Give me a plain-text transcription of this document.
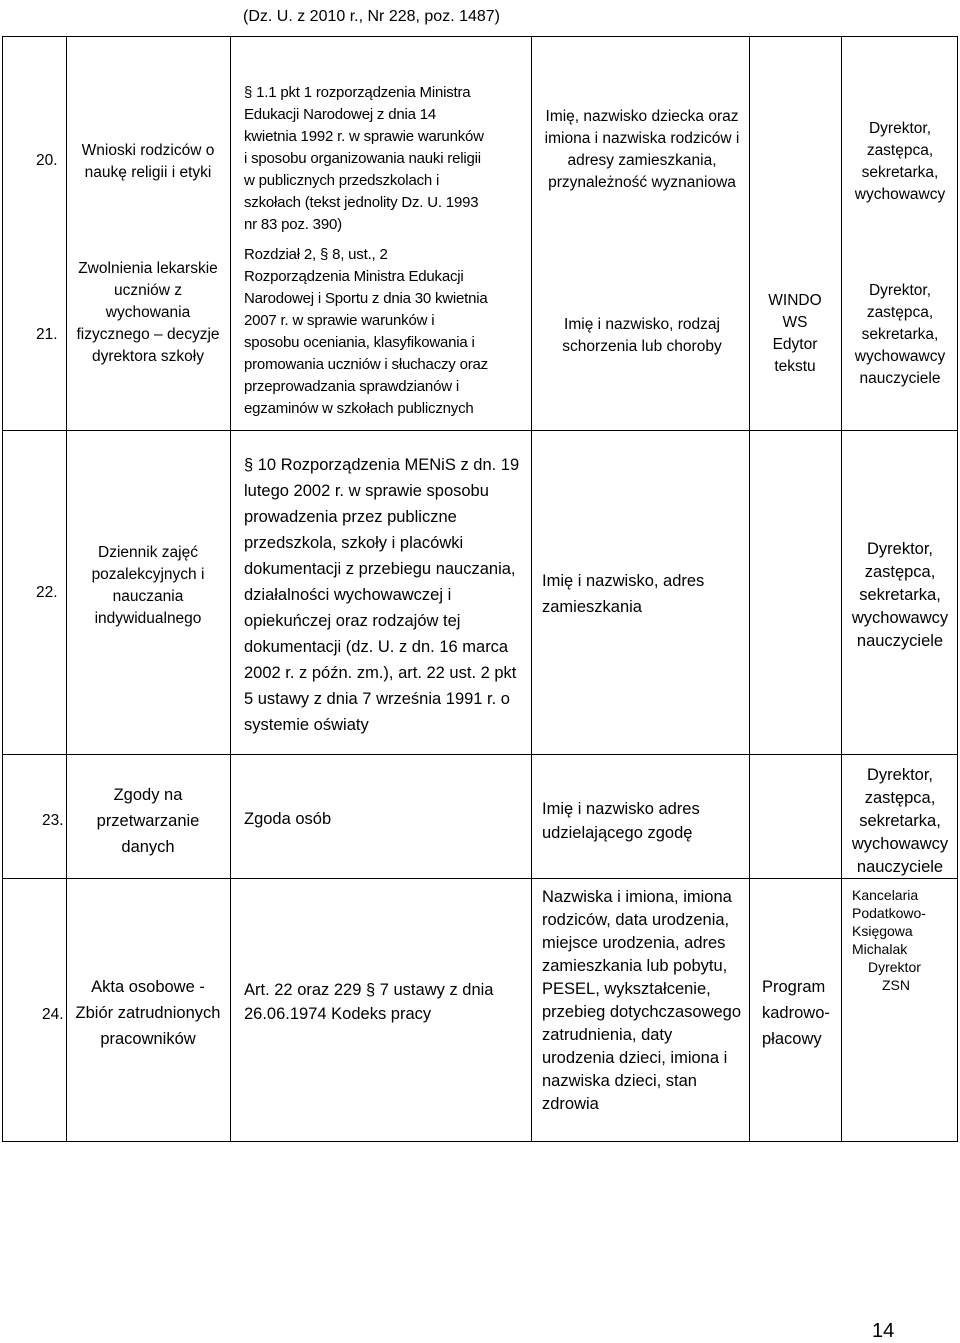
(Dz. U. z 2010 r., Nr 228, poz. 1487)
20.
Wnioski rodziców o naukę religii i etyki
§ 1.1 pkt 1 rozporządzenia Ministra
Edukacji Narodowej z dnia 14
kwietnia 1992 r. w sprawie warunków
i sposobu organizowania nauki religii
w publicznych przedszkolach i
szkołach (tekst jednolity Dz. U. 1993
nr 83 poz. 390)
Imię, nazwisko dziecka oraz imiona i nazwiska rodziców i adresy zamieszkania, przynależność wyznaniowa
Dyrektor, zastępca, sekretarka, wychowawcy
21.
Zwolnienia lekarskie uczniów z wychowania fizycznego – decyzje dyrektora szkoły
Rozdział 2, § 8, ust., 2
Rozporządzenia Ministra Edukacji
Narodowej i Sportu z dnia 30 kwietnia
2007 r. w sprawie warunków i
sposobu oceniania, klasyfikowania i
promowania uczniów i słuchaczy oraz
przeprowadzania sprawdzianów i
egzaminów w szkołach publicznych
Imię i nazwisko, rodzaj schorzenia lub choroby
WINDO
WS
Edytor
tekstu
Dyrektor, zastępca, sekretarka, wychowawcy nauczyciele
22.
Dziennik zajęć pozalekcyjnych i nauczania indywidualnego
§ 10 Rozporządzenia MENiS z dn. 19
lutego 2002 r. w sprawie sposobu
prowadzenia przez publiczne
przedszkola, szkoły i placówki
dokumentacji z przebiegu nauczania,
działalności wychowawczej i
opiekuńczej oraz rodzajów tej
dokumentacji (dz. U. z dn. 16 marca
2002 r. z późn. zm.), art. 22 ust. 2 pkt
5 ustawy z dnia 7 września 1991 r. o
systemie oświaty
Imię i nazwisko, adres zamieszkania
Dyrektor, zastępca, sekretarka, wychowawcy nauczyciele
23.
Zgody na przetwarzanie danych
Zgoda osób
Imię i nazwisko adres udzielającego zgodę
Dyrektor, zastępca, sekretarka, wychowawcy nauczyciele
24.
Akta osobowe - Zbiór zatrudnionych pracowników
Art. 22 oraz 229 § 7 ustawy z dnia
26.06.1974 Kodeks pracy
Nazwiska i imiona, imiona
rodziców, data urodzenia,
miejsce urodzenia, adres
zamieszkania lub pobytu,
PESEL, wykształcenie,
przebieg dotychczasowego
zatrudnienia, daty
urodzenia dzieci, imiona i
nazwiska dzieci, stan
zdrowia
Program
kadrowo-
płacowy
Kancelaria
Podatkowo-
Księgowa
Michalak
Dyrektor
ZSN
14
